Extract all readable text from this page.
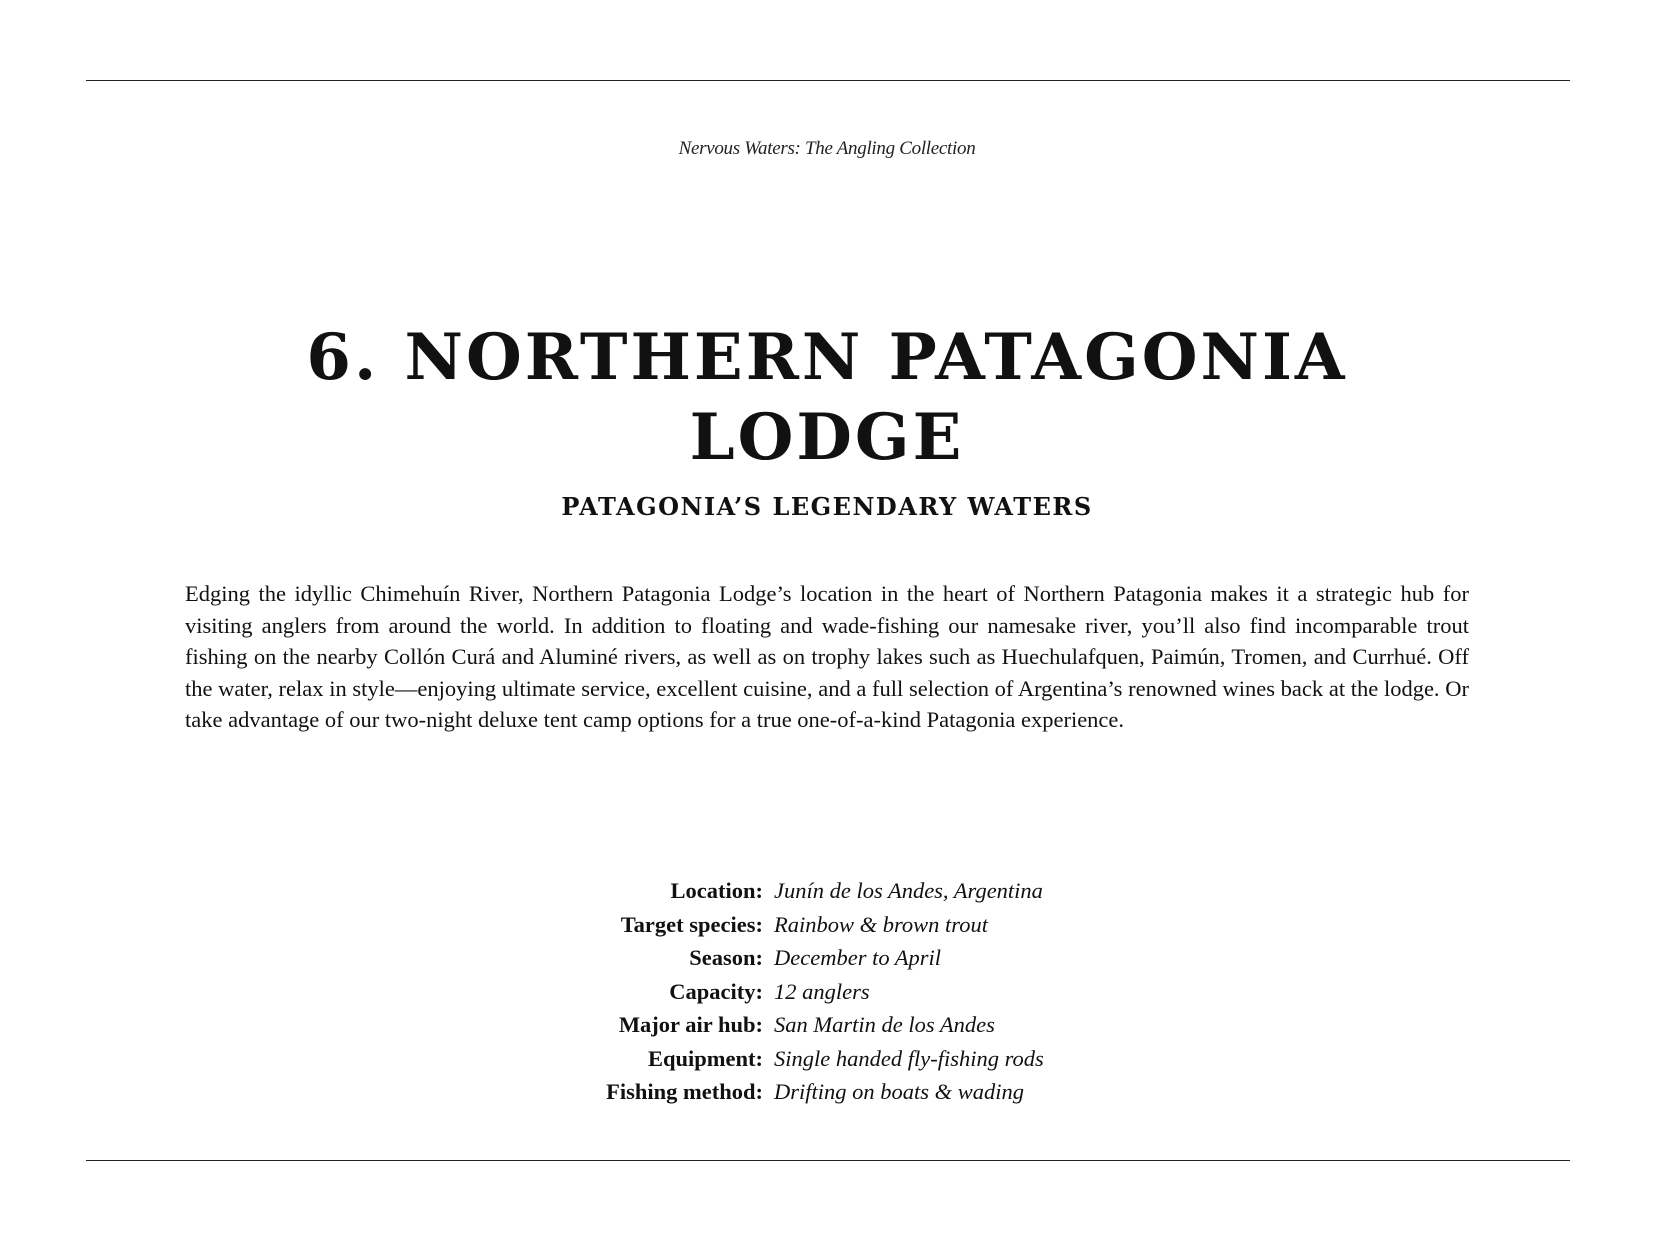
Nervous Waters: The Angling Collection
6. NORTHERN PATAGONIA
LODGE
PATAGONIA’S LEGENDARY WATERS

Edging the idyllic Chimehuín River, Northern Patagonia Lodge’s location in the heart of Northern Patagonia makes it a strategic hub for visiting anglers from around the world. In addition to floating and wade-fishing our namesake river, you’ll also find incomparable trout fishing on the nearby Collón Curá and Aluminé rivers, as well as on trophy lakes such as Huechulafquen, Paimún, Tromen, and Currhué. Off the water, relax in style—enjoying ultimate service, excellent cuisine, and a full selection of Argentina’s renowned wines back at the lodge. Or take advantage of our two-night deluxe tent camp options for a true one-of-a-kind Patagonia experience.

Location: Junín de los Andes, Argentina
Target species: Rainbow & brown trout
Season: December to April
Capacity: 12 anglers
Major air hub: San Martin de los Andes
Equipment: Single handed fly-fishing rods
Fishing method: Drifting on boats & wading
